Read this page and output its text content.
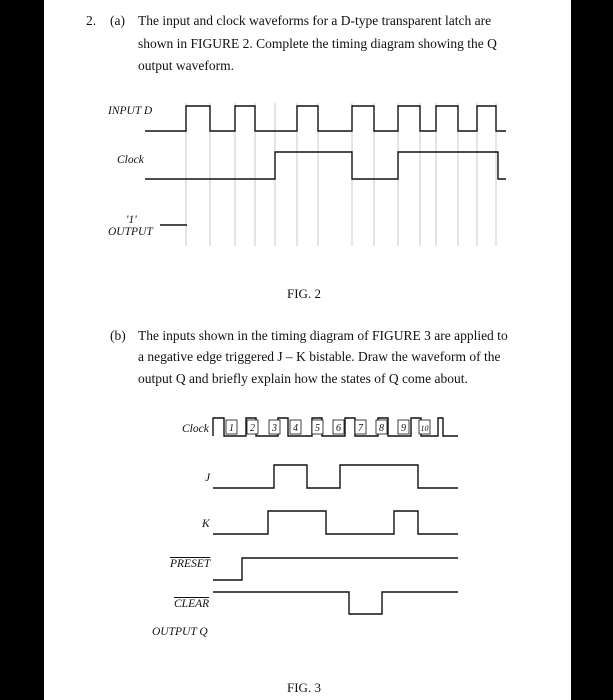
2. (a) The input and clock waveforms for a D-type transparent latch are
shown in FIGURE 2. Complete the timing diagram showing the Q
output waveform.
INPUT D
Clock
'1'
OUTPUT
FIG. 2
(b) The inputs shown in the timing diagram of FIGURE 3 are applied to
a negative edge triggered J – K bistable. Draw the waveform of the
output Q and briefly explain how the states of Q come about.
Clock
J
K
PRESET
CLEAR
OUTPUT Q
FIG. 3
1 2 3 4 5 6 7 8 9 10
